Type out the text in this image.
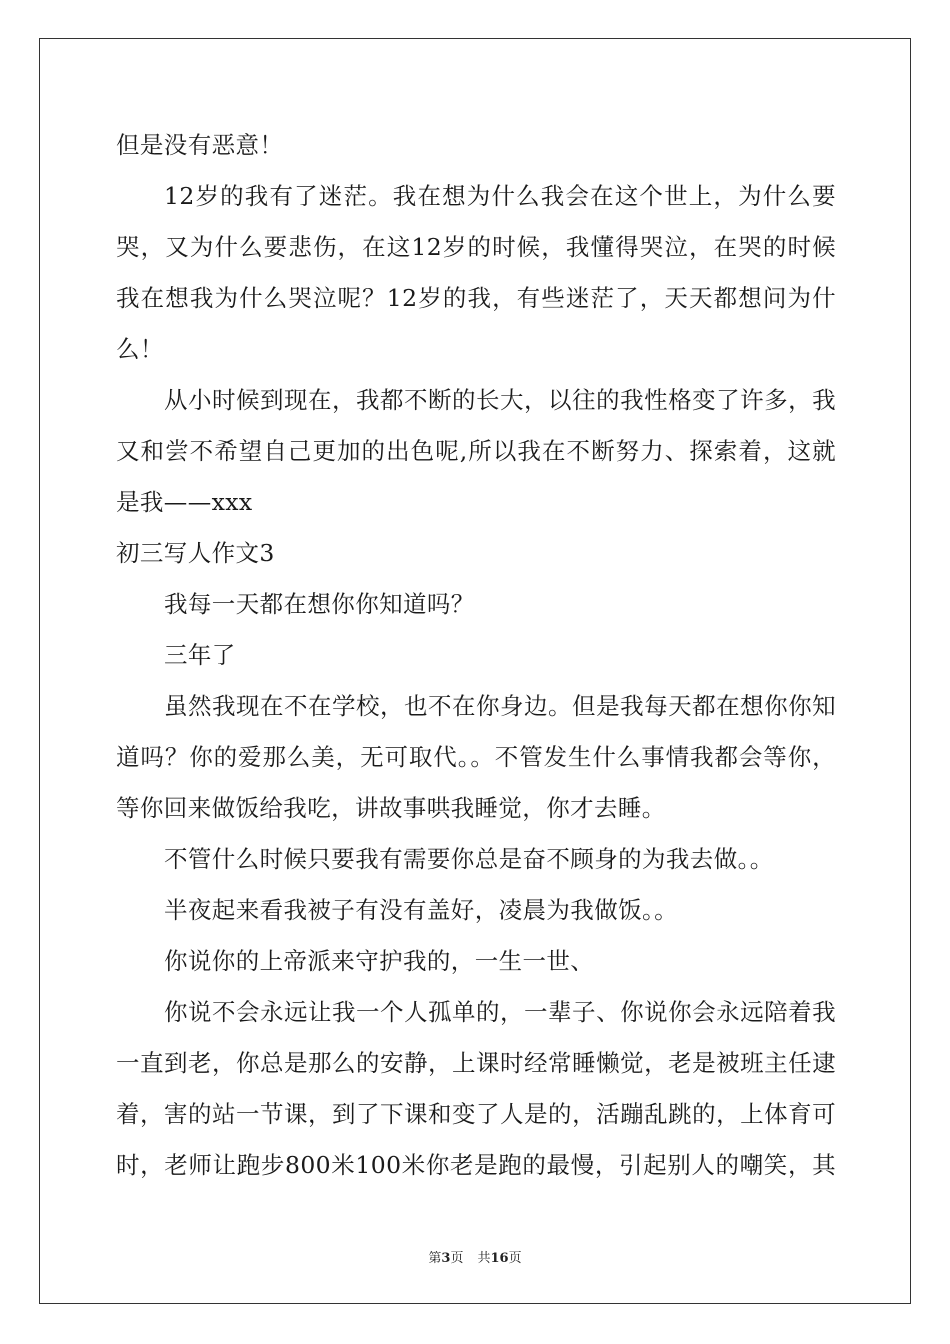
但是没有恶意！
12岁的我有了迷茫。我在想为什么我会在这个世上，为什么要
哭，又为什么要悲伤，在这12岁的时候，我懂得哭泣，在哭的时候
我在想我为什么哭泣呢？12岁的我，有些迷茫了，天天都想问为什
么！
从小时候到现在，我都不断的长大，以往的我性格变了许多，我
又和尝不希望自己更加的出色呢,所以我在不断努力、探索着，这就
是我——xxx
初三写人作文3
我每一天都在想你你知道吗？
三年了
虽然我现在不在学校，也不在你身边。但是我每天都在想你你知
道吗？你的爱那么美，无可取代。。不管发生什么事情我都会等你，
等你回来做饭给我吃，讲故事哄我睡觉，你才去睡。
不管什么时候只要我有需要你总是奋不顾身的为我去做。。
半夜起来看我被子有没有盖好，凌晨为我做饭。。
你说你的上帝派来守护我的，一生一世、
你说不会永远让我一个人孤单的，一辈子、你说你会永远陪着我
一直到老，你总是那么的安静，上课时经常睡懒觉，老是被班主任逮
着，害的站一节课，到了下课和变了人是的，活蹦乱跳的，上体育可
时，老师让跑步800米100米你老是跑的最慢，引起别人的嘲笑，其
第3页 共16页
